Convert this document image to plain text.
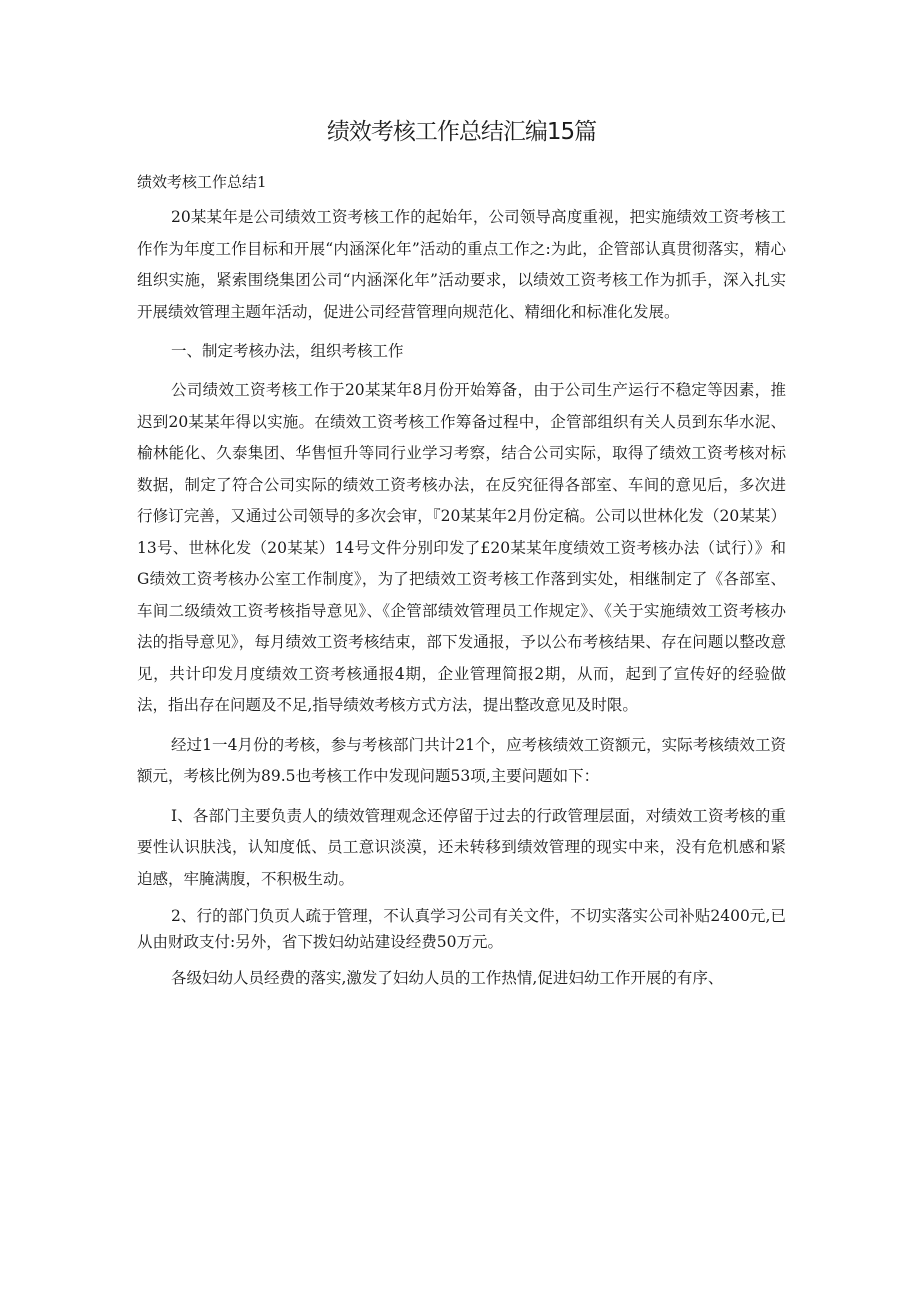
绩效考核工作总结汇编15篇
绩效考核工作总结1

20某某年是公司绩效工资考核工作的起始年，公司领导高度重视，把实施绩效工资考核工作作为年度工作目标和开展“内涵深化年”活动的重点工作之:为此，企管部认真贯彻落实，精心组织实施，紧索围绕集团公司“内涵深化年”活动要求，以绩效工资考核工作为抓手，深入扎实开展绩效管理主题年活动，促进公司经营管理向规范化、精细化和标准化发展。

一、制定考核办法，组织考核工作

公司绩效工资考核工作于20某某年8月份开始筹备，由于公司生产运行不稳定等因素，推迟到20某某年得以实施。在绩效工资考核工作筹备过程中，企管部组织有关人员到东华水泥、榆林能化、久泰集团、华售恒升等同行业学习考察，结合公司实际，取得了绩效工资考核对标数据，制定了符合公司实际的绩效工资考核办法，在反究征得各部室、车间的意见后，多次进行修订完善，又通过公司领导的多次会审，『20某某年2月份定稿。公司以世林化发（20某某）13号、世林化发（20某某）14号文件分别印发了£20某某年度绩效工资考核办法（试行）》和G绩效工资考核办公室工作制度》，为了把绩效工资考核工作落到实处，相继制定了《各部室、车间二级绩效工资考核指导意见》、《企管部绩效管理员工作规定》、《关于实施绩效工资考核办法的指导意见》，每月绩效工资考核结束，部下发通报，予以公布考核结果、存在问题以整改意见，共计印发月度绩效工资考核通报4期，企业管理简报2期，从而，起到了宣传好的经验做法，指出存在问题及不足,指导绩效考核方式方法，提出整改意见及时限。

经过1一4月份的考核，参与考核部门共计21个，应考核绩效工资额元，实际考核绩效工资额元，考核比例为89.5也考核工作中发现问题53项,主要问题如下：

I、各部门主要负责人的绩效管理观念还停留于过去的行政管理层面，对绩效工资考核的重要性认识肤浅，认知度低、员工意识淡漠，还未转移到绩效管理的现实中来，没有危机感和紧迫感，牢腌满腹，不积极生动。

2、行的部门负页人疏于管理，不认真学习公司有关文件，不切实落实公司补贴2400元,已从由财政支付:另外，省下拨妇幼站建设经费50万元。

各级妇幼人员经费的落实,激发了妇幼人员的工作热情,促进妇幼工作开展的有序、
